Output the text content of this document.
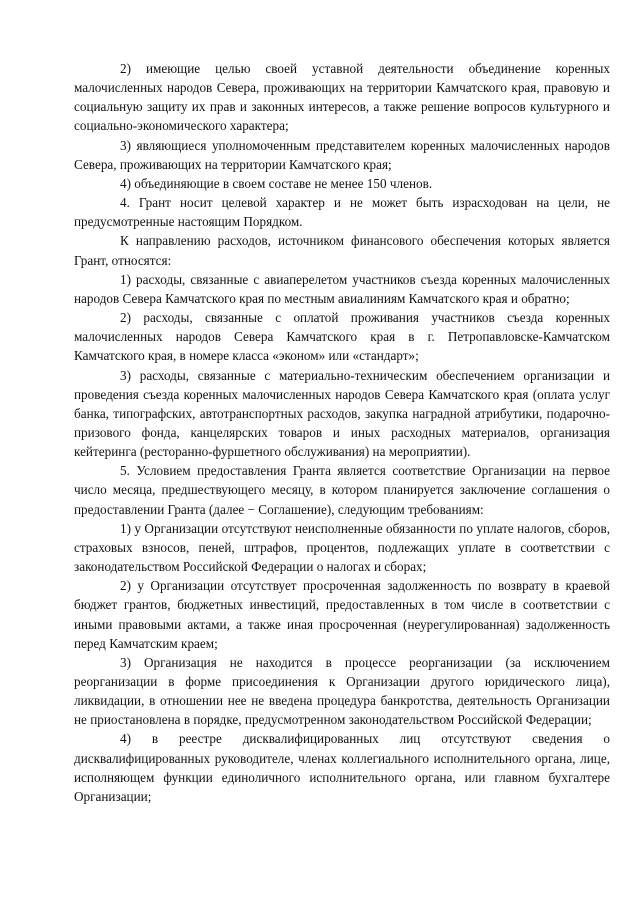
2) имеющие целью своей уставной деятельности объединение коренных малочисленных народов Севера, проживающих на территории Камчатского края, правовую и социальную защиту их прав и законных интересов, а также решение вопросов культурного и социально-экономического характера;

3) являющиеся уполномоченным представителем коренных малочисленных народов Севера, проживающих на территории Камчатского края;

4) объединяющие в своем составе не менее 150 членов.

4. Грант носит целевой характер и не может быть израсходован на цели, не предусмотренные настоящим Порядком.

К направлению расходов, источником финансового обеспечения которых является Грант, относятся:

1) расходы, связанные с авиаперелетом участников съезда коренных малочисленных народов Севера Камчатского края по местным авиалиниям Камчатского края и обратно;

2) расходы, связанные с оплатой проживания участников съезда коренных малочисленных народов Севера Камчатского края в г. Петропавловске-Камчатском Камчатского края, в номере класса «эконом» или «стандарт»;

3) расходы, связанные с материально-техническим обеспечением организации и проведения съезда коренных малочисленных народов Севера Камчатского края (оплата услуг банка, типографских, автотранспортных расходов, закупка наградной атрибутики, подарочно-призового фонда, канцелярских товаров и иных расходных материалов, организация кейтеринга (ресторанно-фуршетного обслуживания) на мероприятии).

5. Условием предоставления Гранта является соответствие Организации на первое число месяца, предшествующего месяцу, в котором планируется заключение соглашения о предоставлении Гранта (далее − Соглашение), следующим требованиям:

1) у Организации отсутствуют неисполненные обязанности по уплате налогов, сборов, страховых взносов, пеней, штрафов, процентов, подлежащих уплате в соответствии с законодательством Российской Федерации о налогах и сборах;

2) у Организации отсутствует просроченная задолженность по возврату в краевой бюджет грантов, бюджетных инвестиций, предоставленных в том числе в соответствии с иными правовыми актами, а также иная просроченная (неурегулированная) задолженность перед Камчатским краем;

3) Организация не находится в процессе реорганизации (за исключением реорганизации в форме присоединения к Организации другого юридического лица), ликвидации, в отношении нее не введена процедура банкротства, деятельность Организации не приостановлена в порядке, предусмотренном законодательством Российской Федерации;

4) в реестре дисквалифицированных лиц отсутствуют сведения о дисквалифицированных руководителе, членах коллегиального исполнительного органа, лице, исполняющем функции единоличного исполнительного органа, или главном бухгалтере Организации;
